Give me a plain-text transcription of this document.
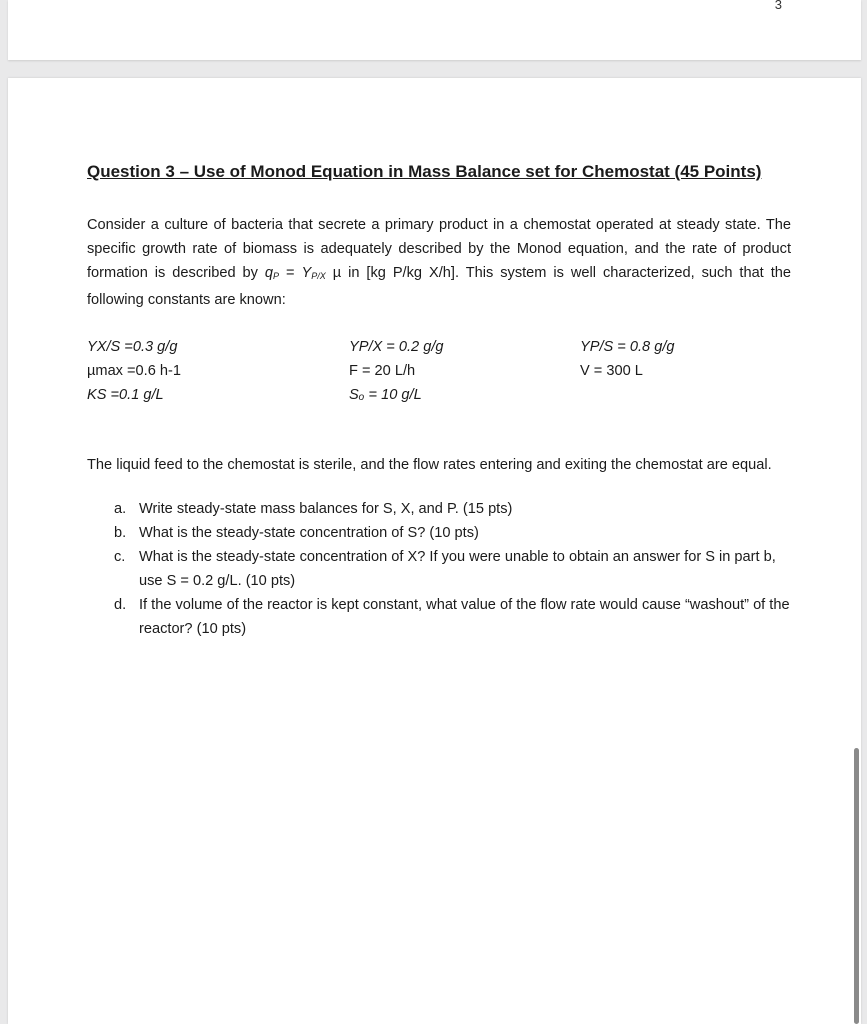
3

Question 3 – Use of Monod Equation in Mass Balance set for Chemostat (45 Points)

Consider a culture of bacteria that secrete a primary product in a chemostat operated at steady state. The specific growth rate of biomass is adequately described by the Monod equation, and the rate of product formation is described by $q_P = Y_{P/X}$ µ in [kg P/kg X/h]. This system is well characterized, such that the following constants are known:

YX/S =0.3 g/g
µmax =0.6 h-1
KS =0.1 g/L
YP/X = 0.2 g/g
F = 20 L/h
Sₒ = 10 g/L
YP/S = 0.8 g/g
V = 300 L

The liquid feed to the chemostat is sterile, and the flow rates entering and exiting the chemostat are equal.

a. Write steady-state mass balances for S, X, and P. (15 pts)
b. What is the steady-state concentration of S? (10 pts)
c. What is the steady-state concentration of X? If you were unable to obtain an answer for S in part b, use S = 0.2 g/L. (10 pts)
d. If the volume of the reactor is kept constant, what value of the flow rate would cause “washout” of the reactor? (10 pts)
